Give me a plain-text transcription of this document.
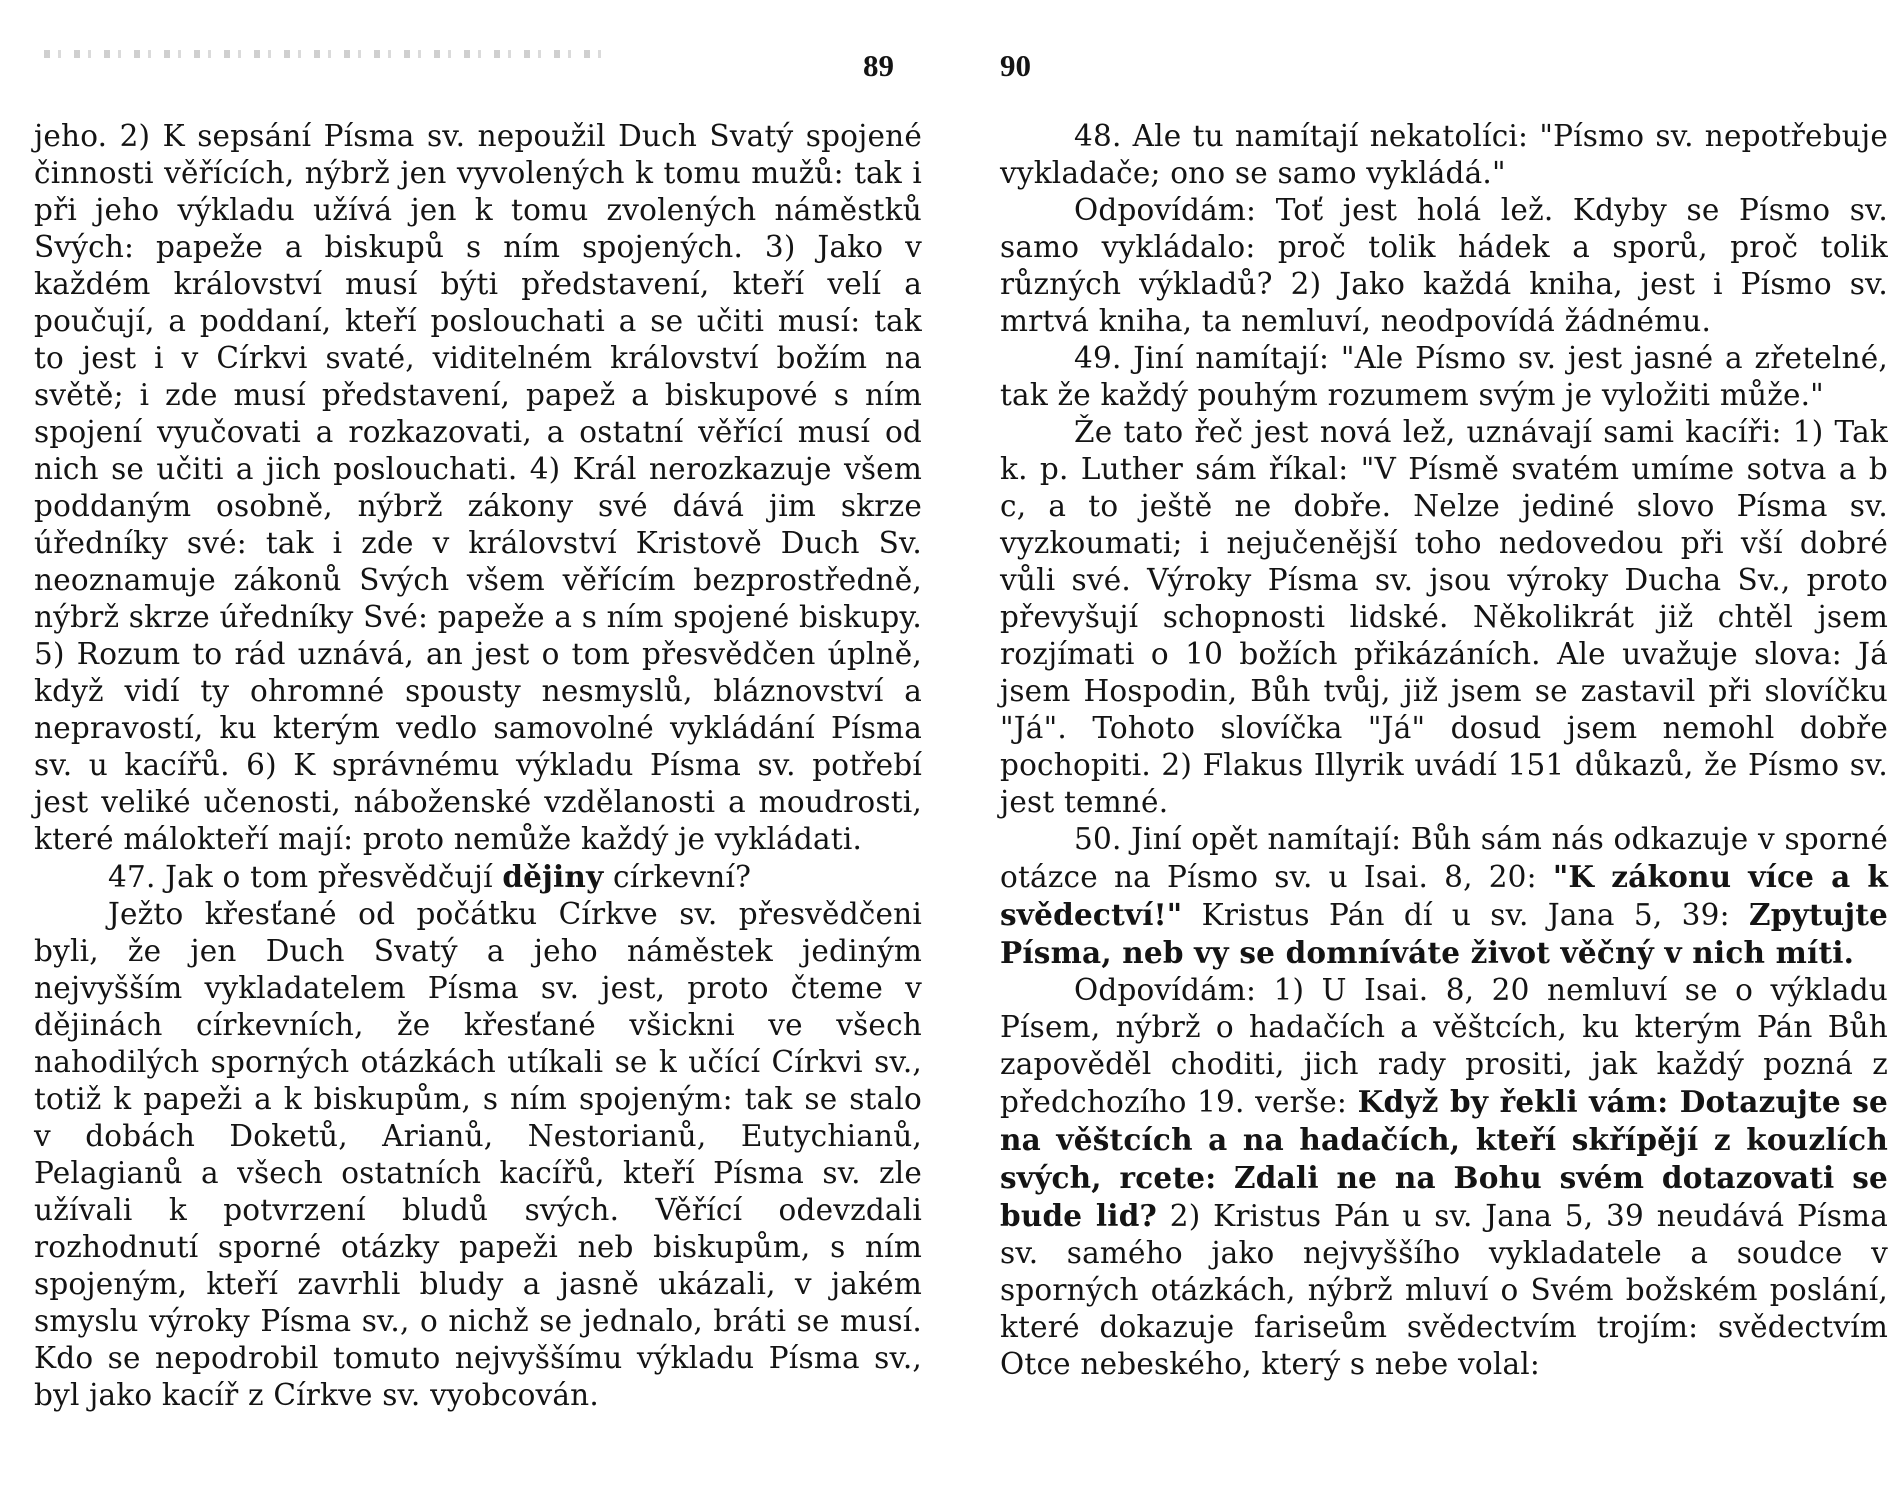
89

jeho. 2) K sepsání Písma sv. nepoužil Duch Svatý spojené činnosti věřících, nýbrž jen vyvolených k tomu mužů: tak i při jeho výkladu užívá jen k tomu zvolených náměstků Svých: papeže a biskupů s ním spojených. 3) Jako v každém království musí býti představení, kteří velí a poučují, a poddaní, kteří poslouchati a se učiti musí: tak to jest i v Církvi svaté, viditelném království božím na světě; i zde musí představení, papež a biskupové s ním spojení vyučovati a rozkazovati, a ostatní věřící musí od nich se učiti a jich poslouchati. 4) Král nerozkazuje všem poddaným osobně, nýbrž zákony své dává jim skrze úředníky své: tak i zde v království Kristově Duch Sv. neoznamuje zákonů Svých všem věřícím bezprostředně, nýbrž skrze úředníky Své: papeže a s ním spojené biskupy. 5) Rozum to rád uznává, an jest o tom přesvědčen úplně, když vidí ty ohromné spousty nesmyslů, bláznovství a nepravostí, ku kterým vedlo samovolné vykládání Písma sv. u kacířů. 6) K správnému výkladu Písma sv. potřebí jest veliké učenosti, náboženské vzdělanosti a moudrosti, které málokteří mají: proto nemůže každý je vykládati.

47. Jak o tom přesvědčují dějiny církevní?

Ježto křesťané od počátku Církve sv. přesvědčeni byli, že jen Duch Svatý a jeho náměstek jediným nejvyšším vykladatelem Písma sv. jest, proto čteme v dějinách církevních, že křesťané všickni ve všech nahodilých sporných otázkách utíkali se k učící Církvi sv., totiž k papeži a k biskupům, s ním spojeným: tak se stalo v dobách Doketů, Arianů, Nestorianů, Eutychianů, Pelagianů a všech ostatních kacířů, kteří Písma sv. zle užívali k potvrzení bludů svých. Věřící odevzdali rozhodnutí sporné otázky papeži neb biskupům, s ním spojeným, kteří zavrhli bludy a jasně ukázali, v jakém smyslu výroky Písma sv., o nichž se jednalo, bráti se musí. Kdo se nepodrobil tomuto nejvyššímu výkladu Písma sv., byl jako kacíř z Církve sv. vyobcován.

90

48. Ale tu namítají nekatolíci: "Písmo sv. nepotřebuje vykladače; ono se samo vykládá."

Odpovídám: Toť jest holá lež. Kdyby se Písmo sv. samo vykládalo: proč tolik hádek a sporů, proč tolik různých výkladů? 2) Jako každá kniha, jest i Písmo sv. mrtvá kniha, ta nemluví, neodpovídá žádnému.

49. Jiní namítají: "Ale Písmo sv. jest jasné a zřetelné, tak že každý pouhým rozumem svým je vyložiti může."

Že tato řeč jest nová lež, uznávají sami kacíři: 1) Tak k. p. Luther sám říkal: "V Písmě svatém umíme sotva a b c, a to ještě ne dobře. Nelze jediné slovo Písma sv. vyzkoumati; i nejučenější toho nedovedou při vší dobré vůli své. Výroky Písma sv. jsou výroky Ducha Sv., proto převyšují schopnosti lidské. Několikrát již chtěl jsem rozjímati o 10 božích přikázáních. Ale uvažuje slova: Já jsem Hospodin, Bůh tvůj, již jsem se zastavil při slovíčku "Já". Tohoto slovíčka "Já" dosud jsem nemohl dobře pochopiti. 2) Flakus Illyrik uvádí 151 důkazů, že Písmo sv. jest temné.

50. Jiní opět namítají: Bůh sám nás odkazuje v sporné otázce na Písmo sv. u Isai. 8, 20: "K zákonu více a k svědectví!" Kristus Pán dí u sv. Jana 5, 39: Zpytujte Písma, neb vy se domníváte život věčný v nich míti.

Odpovídám: 1) U Isai. 8, 20 nemluví se o výkladu Písem, nýbrž o hadačích a věštcích, ku kterým Pán Bůh zapověděl choditi, jich rady prositi, jak každý pozná z předchozího 19. verše: Když by řekli vám: Dotazujte se na věštcích a na hadačích, kteří skřípějí z kouzlích svých, rcete: Zdali ne na Bohu svém dotazovati se bude lid? 2) Kristus Pán u sv. Jana 5, 39 neudává Písma sv. samého jako nejvyššího vykladatele a soudce v sporných otázkách, nýbrž mluví o Svém božském poslání, které dokazuje fariseům svědectvím trojím: svědectvím Otce nebeského, který s nebe volal:
